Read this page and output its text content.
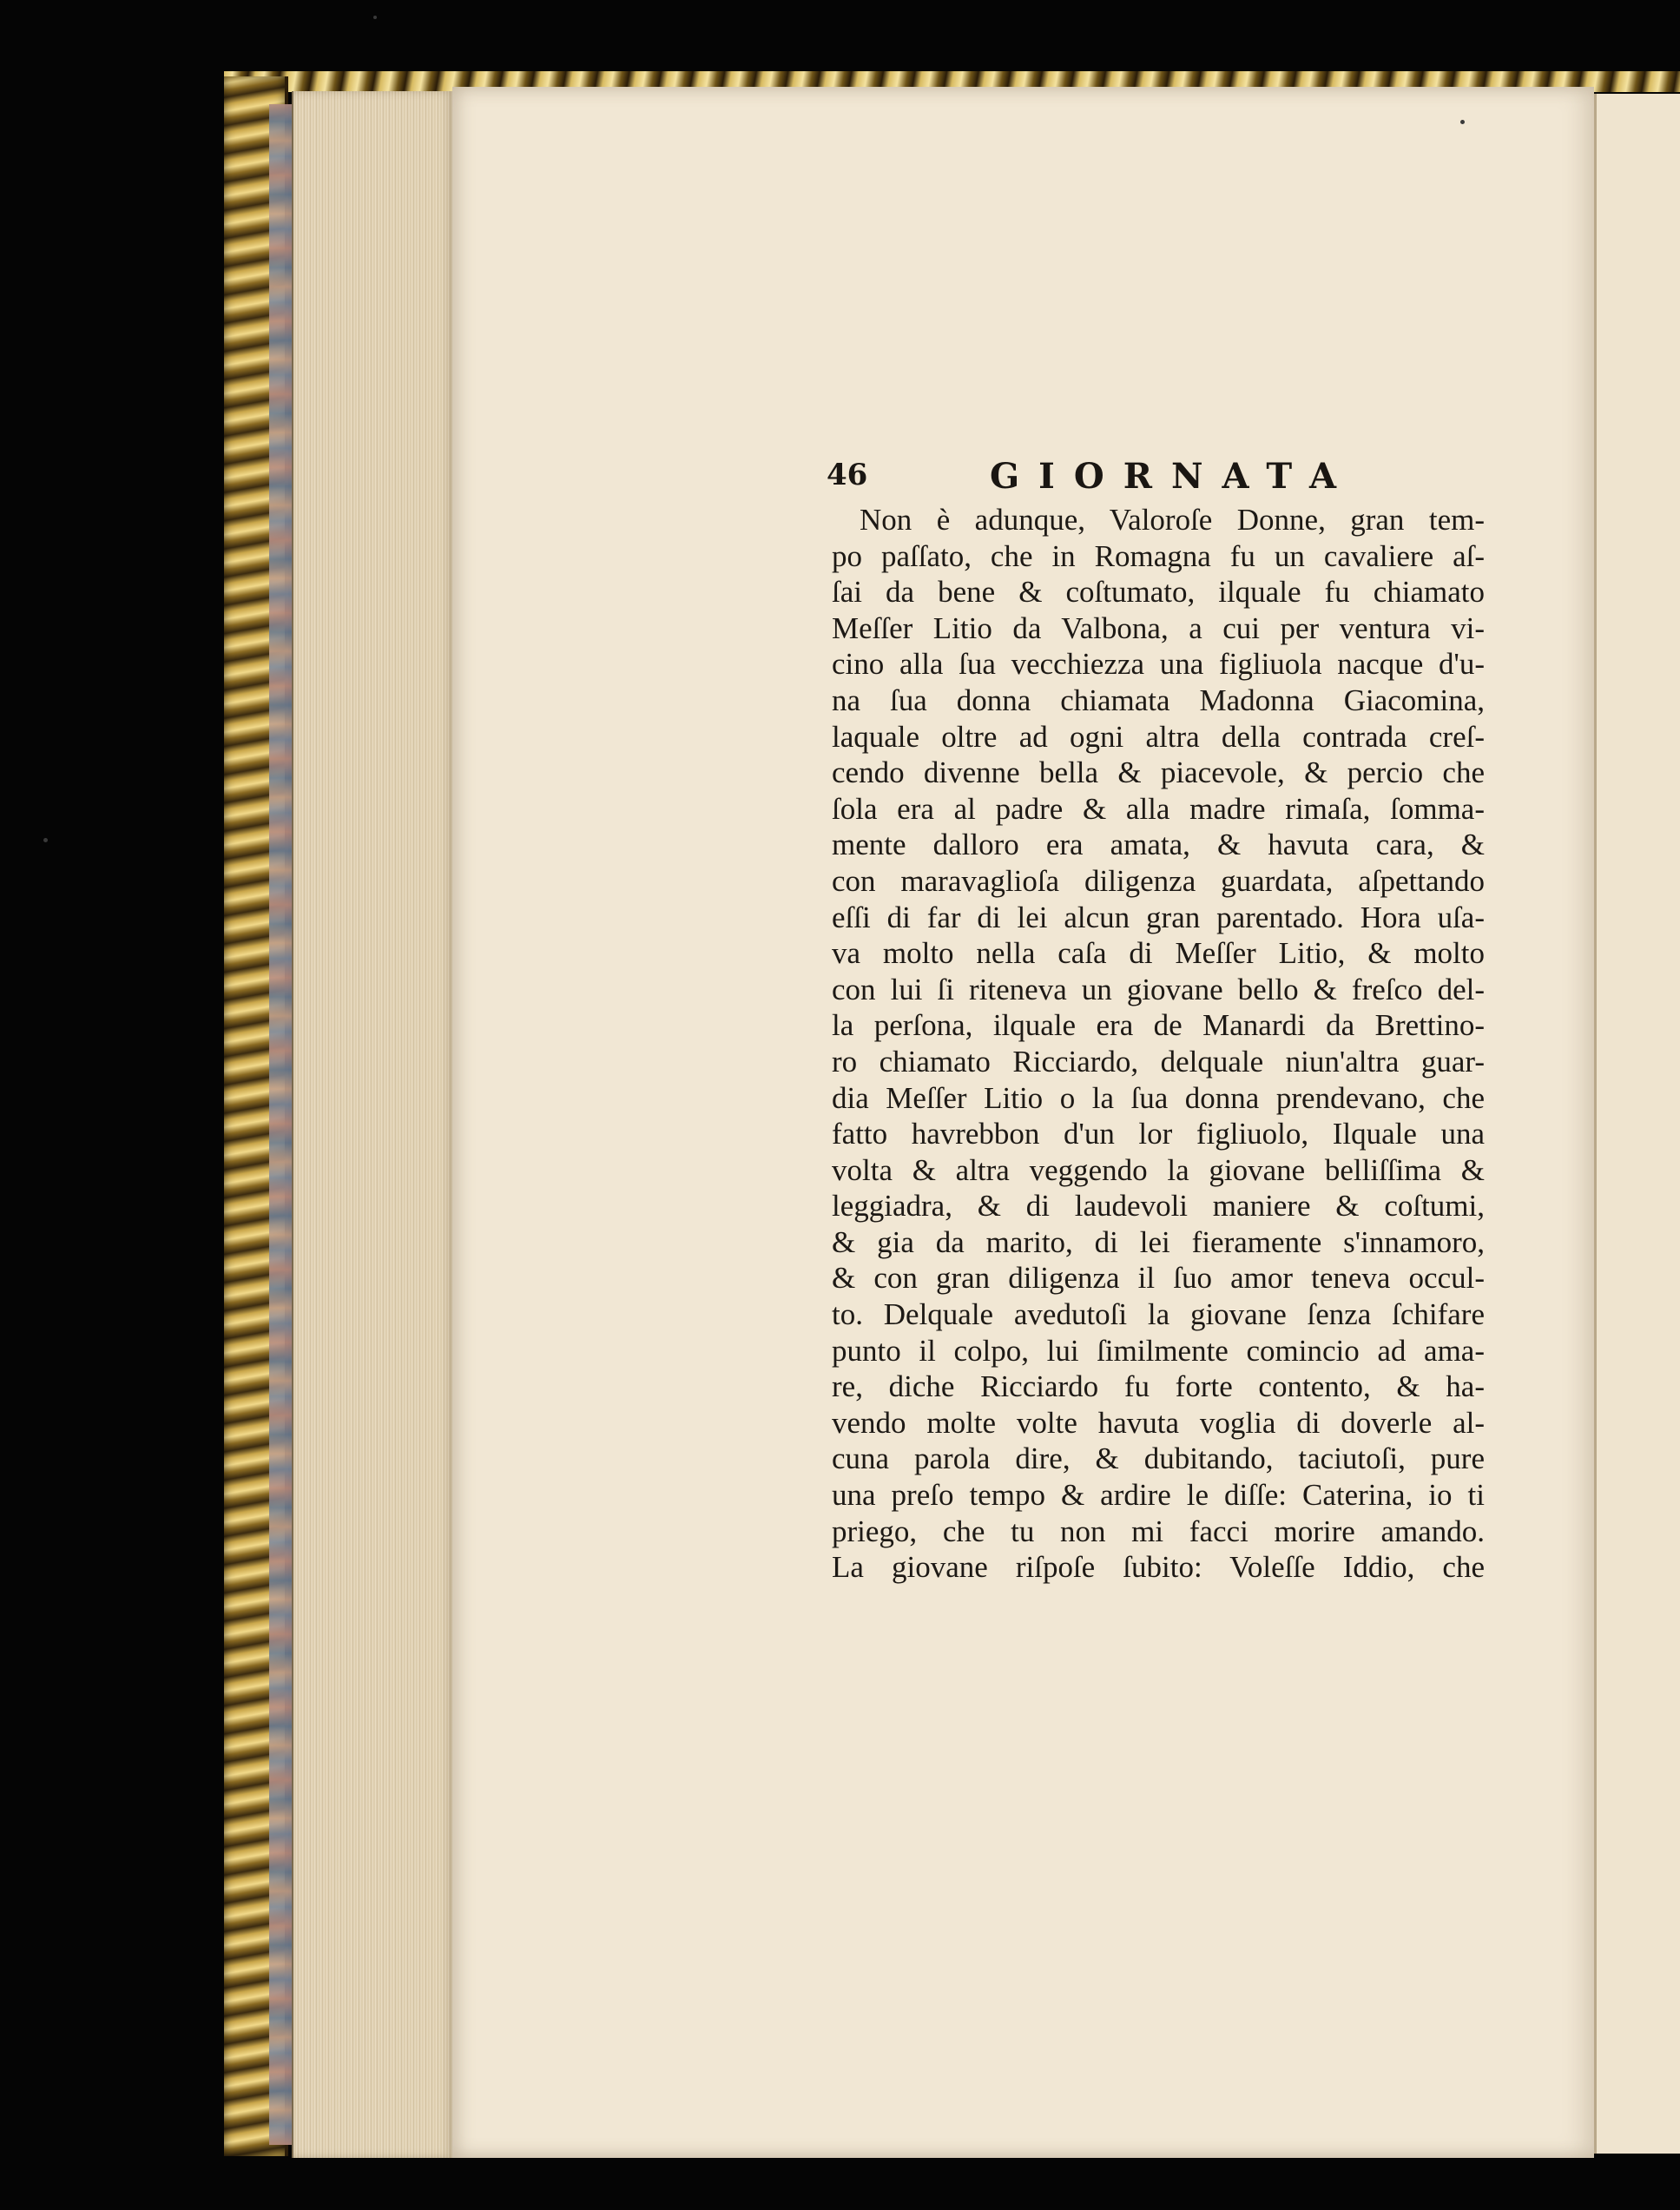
46	GIORNATA
Non è adunque, Valoroſe Donne, gran tem-
po paſſato, che in Romagna fu un cavaliere aſ-
ſai da bene & coſtumato, ilquale fu chiamato
Meſſer Litio da Valbona, a cui per ventura vi-
cino alla ſua vecchiezza una figliuola nacque d'u-
na ſua donna chiamata Madonna Giacomina,
laquale oltre ad ogni altra della contrada creſ-
cendo divenne bella & piacevole, & percio che
ſola era al padre & alla madre rimaſa, ſomma-
mente dalloro era amata, & havuta cara, &
con maravaglioſa diligenza guardata, aſpettando
eſſi di far di lei alcun gran parentado. Hora uſa-
va molto nella caſa di Meſſer Litio, & molto
con lui ſi riteneva un giovane bello & freſco del-
la perſona, ilquale era de Manardi da Brettino-
ro chiamato Ricciardo, delquale niun'altra guar-
dia Meſſer Litio o la ſua donna prendevano, che
fatto havrebbon d'un lor figliuolo, Ilquale una
volta & altra veggendo la giovane belliſſima &
leggiadra, & di laudevoli maniere & coſtumi,
& gia da marito, di lei fieramente s'innamoro,
& con gran diligenza il ſuo amor teneva occul-
to. Delquale avedutoſi la giovane ſenza ſchifare
punto il colpo, lui ſimilmente comincio ad ama-
re, diche Ricciardo fu forte contento, & ha-
vendo molte volte havuta voglia di doverle al-
cuna parola dire, & dubitando, taciutoſi, pure
una preſo tempo & ardire le diſſe: Caterina, io ti
priego, che tu non mi facci morire amando.
La giovane riſpoſe ſubito: Voleſſe Iddio, che
